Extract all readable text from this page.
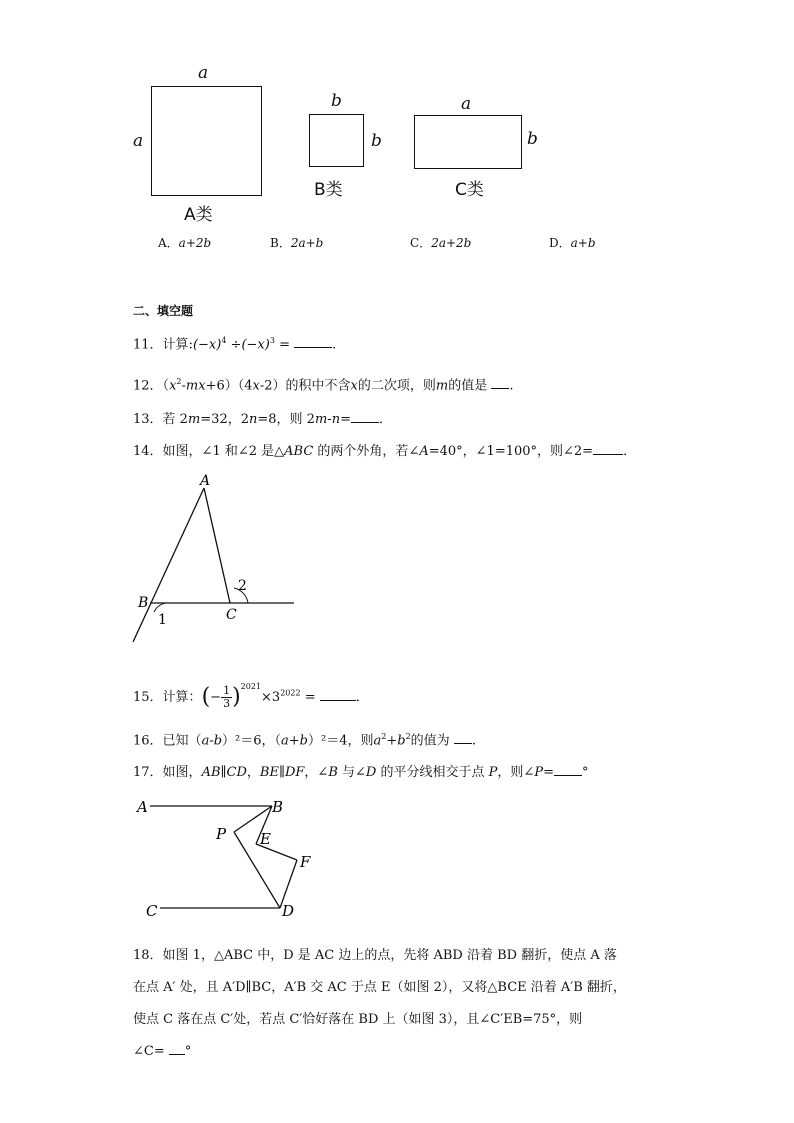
a
a
A类
b
b
B类
a
b
C类
A．a+2b	B．2a+b	C．2a+2b	D．a+b
二、填空题
11．计算$:(-x)^4 \div(-x)^3$ =	.
12．$(x^2-mx+6)(4x-2)$的积中不含x的二次项，则m的值是 .
13．若 2m=32，2n=8，则 2m-n= ．
14．如图，∠1 和∠2 是△ABC 的两个外角，若∠A=40°，∠1=100°，则∠2= ．
A
B
C
1
2
15．计算：(− $\frac{1}{3} )^{2021}\times 3^{2022}$ =	．
16．已知（a-b）²＝6，（a+b）²＝4，则$a^2+b^2$的值为 .
17．如图，AB∥CD，BE∥DF，∠B 与∠D 的平分线相交于点 P，则∠P= °
A	B
P E
F
C	D
18．如图 1，△ABC 中，D 是 AC 边上的点，先将 ABD 沿着 BD 翻折，使点 A 落
在点 A′ 处，且 A′D∥BC，A′B 交 AC 于点 E（如图 2），又将△BCE 沿着 A′B 翻折，
使点 C 落在点 C′处，若点 C′恰好落在 BD 上（如图 3），且∠C′EB=75°，则
∠C= °
